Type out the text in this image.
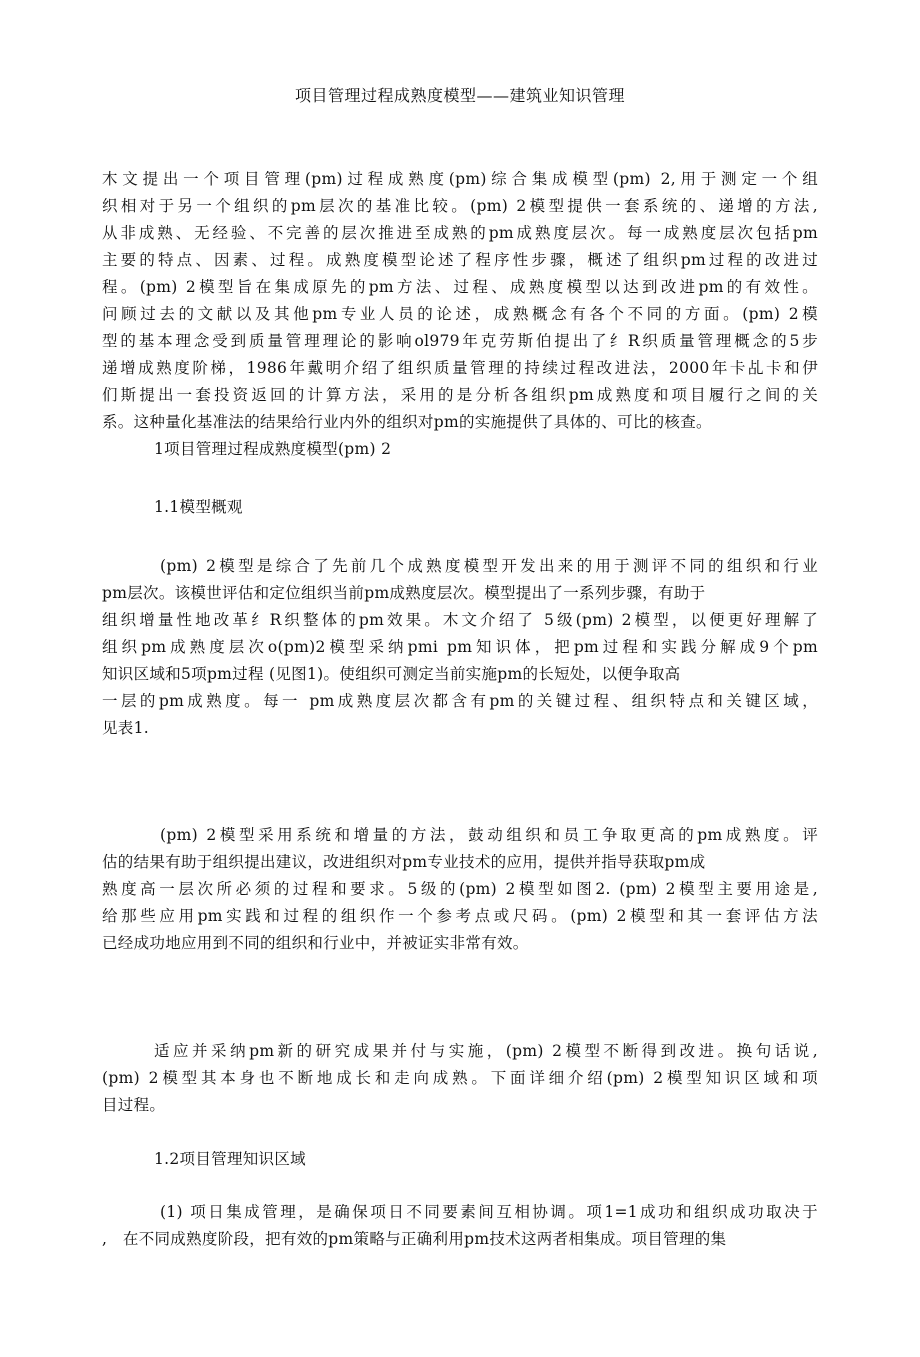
项目管理过程成熟度模型——建筑业知识管理
木文提出一个项目管理(pm)过程成熟度(pm)综合集成模型(pm) 2,用于测定一个组
织相对于另一个组织的pm层次的基准比较。(pm) 2模型提供一套系统的、递增的方法,
从非成熟、无经验、不完善的层次推进至成熟的pm成熟度层次。每一成熟度层次包括pm
主要的特点、因素、过程。成熟度模型论述了程序性步骤，概述了组织pm过程的改进过
程。(pm) 2模型旨在集成原先的pm方法、过程、成熟度模型以达到改进pm的有效性。
问顾过去的文献以及其他pm专业人员的论述，成熟概念有各个不同的方面。(pm) 2模
型的基本理念受到质量管理理论的影响ol979年克劳斯伯提出了纟R织质量管理概念的5步
递增成熟度阶梯，1986年戴明介绍了组织质量管理的持续过程改进法，2000年卡乩卡和伊
们斯提出一套投资返回的计算方法，采用的是分析各组织pm成熟度和项目履行之间的关
系。这种量化基准法的结果给行业内外的组织对pm的实施提供了具体的、可比的核查。
1项目管理过程成熟度模型(pm) 2
1.1模型概观
(pm) 2模型是综合了先前几个成熟度模型开发出来的用于测评不同的组织和行业
pm层次。该模世评估和定位组织当前pm成熟度层次。模型提出了一系列步骤，有助于
组织增量性地改革纟R织整体的pm效果。木文介绍了 5级(pm) 2模型，以便更好理解了
组织pm成熟度层次o(pm)2模型采纳pmi pm知识体，把pm过程和实践分解成9个pm
知识区域和5项pm过程 (见图1)。使组织可测定当前实施pm的长短处，以便争取高
一层的pm成熟度。每一 pm成熟度层次都含有pm的关键过程、组织特点和关键区域，
见表1.
(pm) 2模型采用系统和增量的方法，鼓动组织和员工争取更高的pm成熟度。评
估的结果有助于组织提出建议，改进组织对pm专业技术的应用，提供并指导获取pm成
熟度高一层次所必须的过程和要求。5级的(pm) 2模型如图2. (pm) 2模型主要用途是,
给那些应用pm实践和过程的组织作一个参考点或尺码。(pm) 2模型和其一套评估方法
已经成功地应用到不同的组织和行业中，并被证实非常有效。
适应并采纳pm新的研究成果并付与实施，(pm) 2模型不断得到改进。换句话说,
(pm) 2模型其本身也不断地成长和走向成熟。下面详细介绍(pm) 2模型知识区域和项
目过程。
1.2项目管理知识区域
(1) 项日集成管理，是确保项日不同要素间互相协调。项1=1成功和组织成功取决于
,   在不同成熟度阶段，把有效的pm策略与正确利用pm技术这两者相集成。项目管理的集
